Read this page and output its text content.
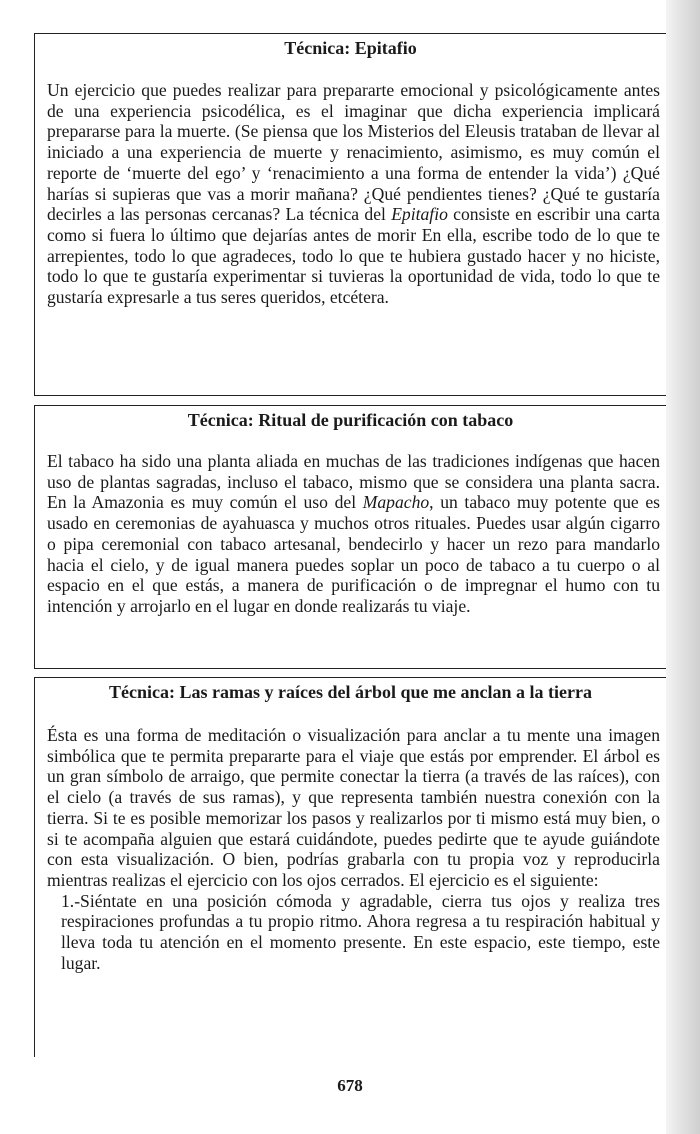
Técnica: Epitafio

Un ejercicio que puedes realizar para prepararte emocional y psicológicamente antes de una experiencia psicodélica, es el imaginar que dicha experiencia implicará prepararse para la muerte. (Se piensa que los Misterios del Eleusis trataban de llevar al iniciado a una experiencia de muerte y renacimiento, asimismo, es muy común el reporte de ‘muerte del ego’ y ‘renacimiento a una forma de entender la vida’) ¿Qué harías si supieras que vas a morir mañana? ¿Qué pendientes tienes? ¿Qué te gustaría decirles a las personas cercanas? La técnica del Epitafio consiste en escribir una carta como si fuera lo último que dejarías antes de morir En ella, escribe todo de lo que te arrepientes, todo lo que agradeces, todo lo que te hubiera gustado hacer y no hiciste, todo lo que te gustaría experimentar si tuvieras la oportunidad de vida, todo lo que te gustaría expresarle a tus seres queridos, etcétera.

Técnica: Ritual de purificación con tabaco

El tabaco ha sido una planta aliada en muchas de las tradiciones indígenas que hacen uso de plantas sagradas, incluso el tabaco, mismo que se considera una planta sacra. En la Amazonia es muy común el uso del Mapacho, un tabaco muy potente que es usado en ceremonias de ayahuasca y muchos otros rituales. Puedes usar algún cigarro o pipa ceremonial con tabaco artesanal, bendecirlo y hacer un rezo para mandarlo hacia el cielo, y de igual manera puedes soplar un poco de tabaco a tu cuerpo o al espacio en el que estás, a manera de purificación o de impregnar el humo con tu intención y arrojarlo en el lugar en donde realizarás tu viaje.

Técnica: Las ramas y raíces del árbol que me anclan a la tierra

Ésta es una forma de meditación o visualización para anclar a tu mente una imagen simbólica que te permita prepararte para el viaje que estás por emprender. El árbol es un gran símbolo de arraigo, que permite conectar la tierra (a través de las raíces), con el cielo (a través de sus ramas), y que representa también nuestra conexión con la tierra. Si te es posible memorizar los pasos y realizarlos por ti mismo está muy bien, o si te acompaña alguien que estará cuidándote, puedes pedirte que te ayude guiándote con esta visualización. O bien, podrías grabarla con tu propia voz y reproducirla mientras realizas el ejercicio con los ojos cerrados. El ejercicio es el siguiente:

1.-Siéntate en una posición cómoda y agradable, cierra tus ojos y realiza tres respiraciones profundas a tu propio ritmo. Ahora regresa a tu respiración habitual y lleva toda tu atención en el momento presente. En este espacio, este tiempo, este lugar.

678
